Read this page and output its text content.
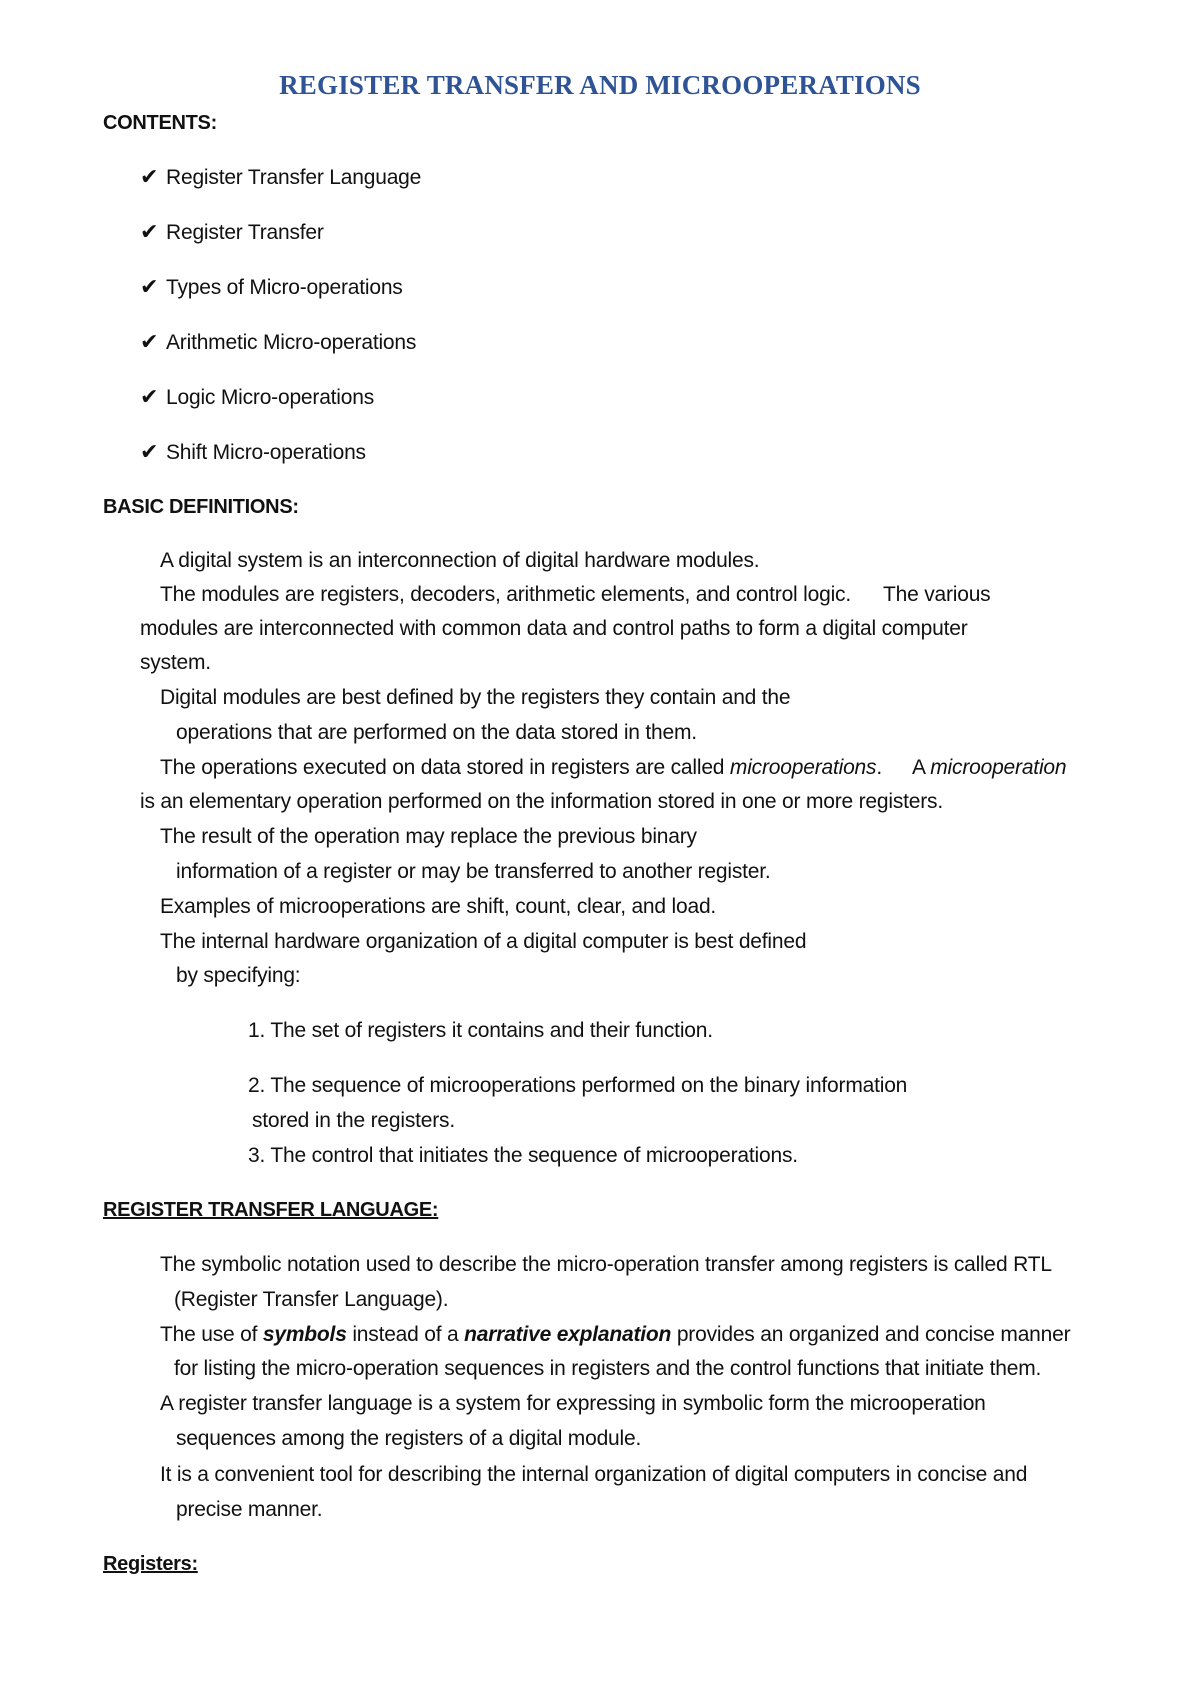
REGISTER TRANSFER AND MICROOPERATIONS
CONTENTS:
✔ Register Transfer Language
✔ Register Transfer
✔ Types of Micro-operations
✔ Arithmetic Micro-operations
✔ Logic Micro-operations
✔ Shift Micro-operations
BASIC DEFINITIONS:
A digital system is an interconnection of digital hardware modules.
The modules are registers, decoders, arithmetic elements, and control logic. The various
modules are interconnected with common data and control paths to form a digital computer
system.
Digital modules are best defined by the registers they contain and the
operations that are performed on the data stored in them.
The operations executed on data stored in registers are called microoperations. A microoperation
is an elementary operation performed on the information stored in one or more registers.
The result of the operation may replace the previous binary
information of a register or may be transferred to another register.
Examples of microoperations are shift, count, clear, and load.
The internal hardware organization of a digital computer is best defined
by specifying:
1. The set of registers it contains and their function.
2. The sequence of microoperations performed on the binary information
stored in the registers.
3. The control that initiates the sequence of microoperations.
REGISTER TRANSFER LANGUAGE:
The symbolic notation used to describe the micro-operation transfer among registers is called RTL
(Register Transfer Language).
The use of symbols instead of a narrative explanation provides an organized and concise manner
for listing the micro-operation sequences in registers and the control functions that initiate them.
A register transfer language is a system for expressing in symbolic form the microoperation
sequences among the registers of a digital module.
It is a convenient tool for describing the internal organization of digital computers in concise and
precise manner.
Registers:
